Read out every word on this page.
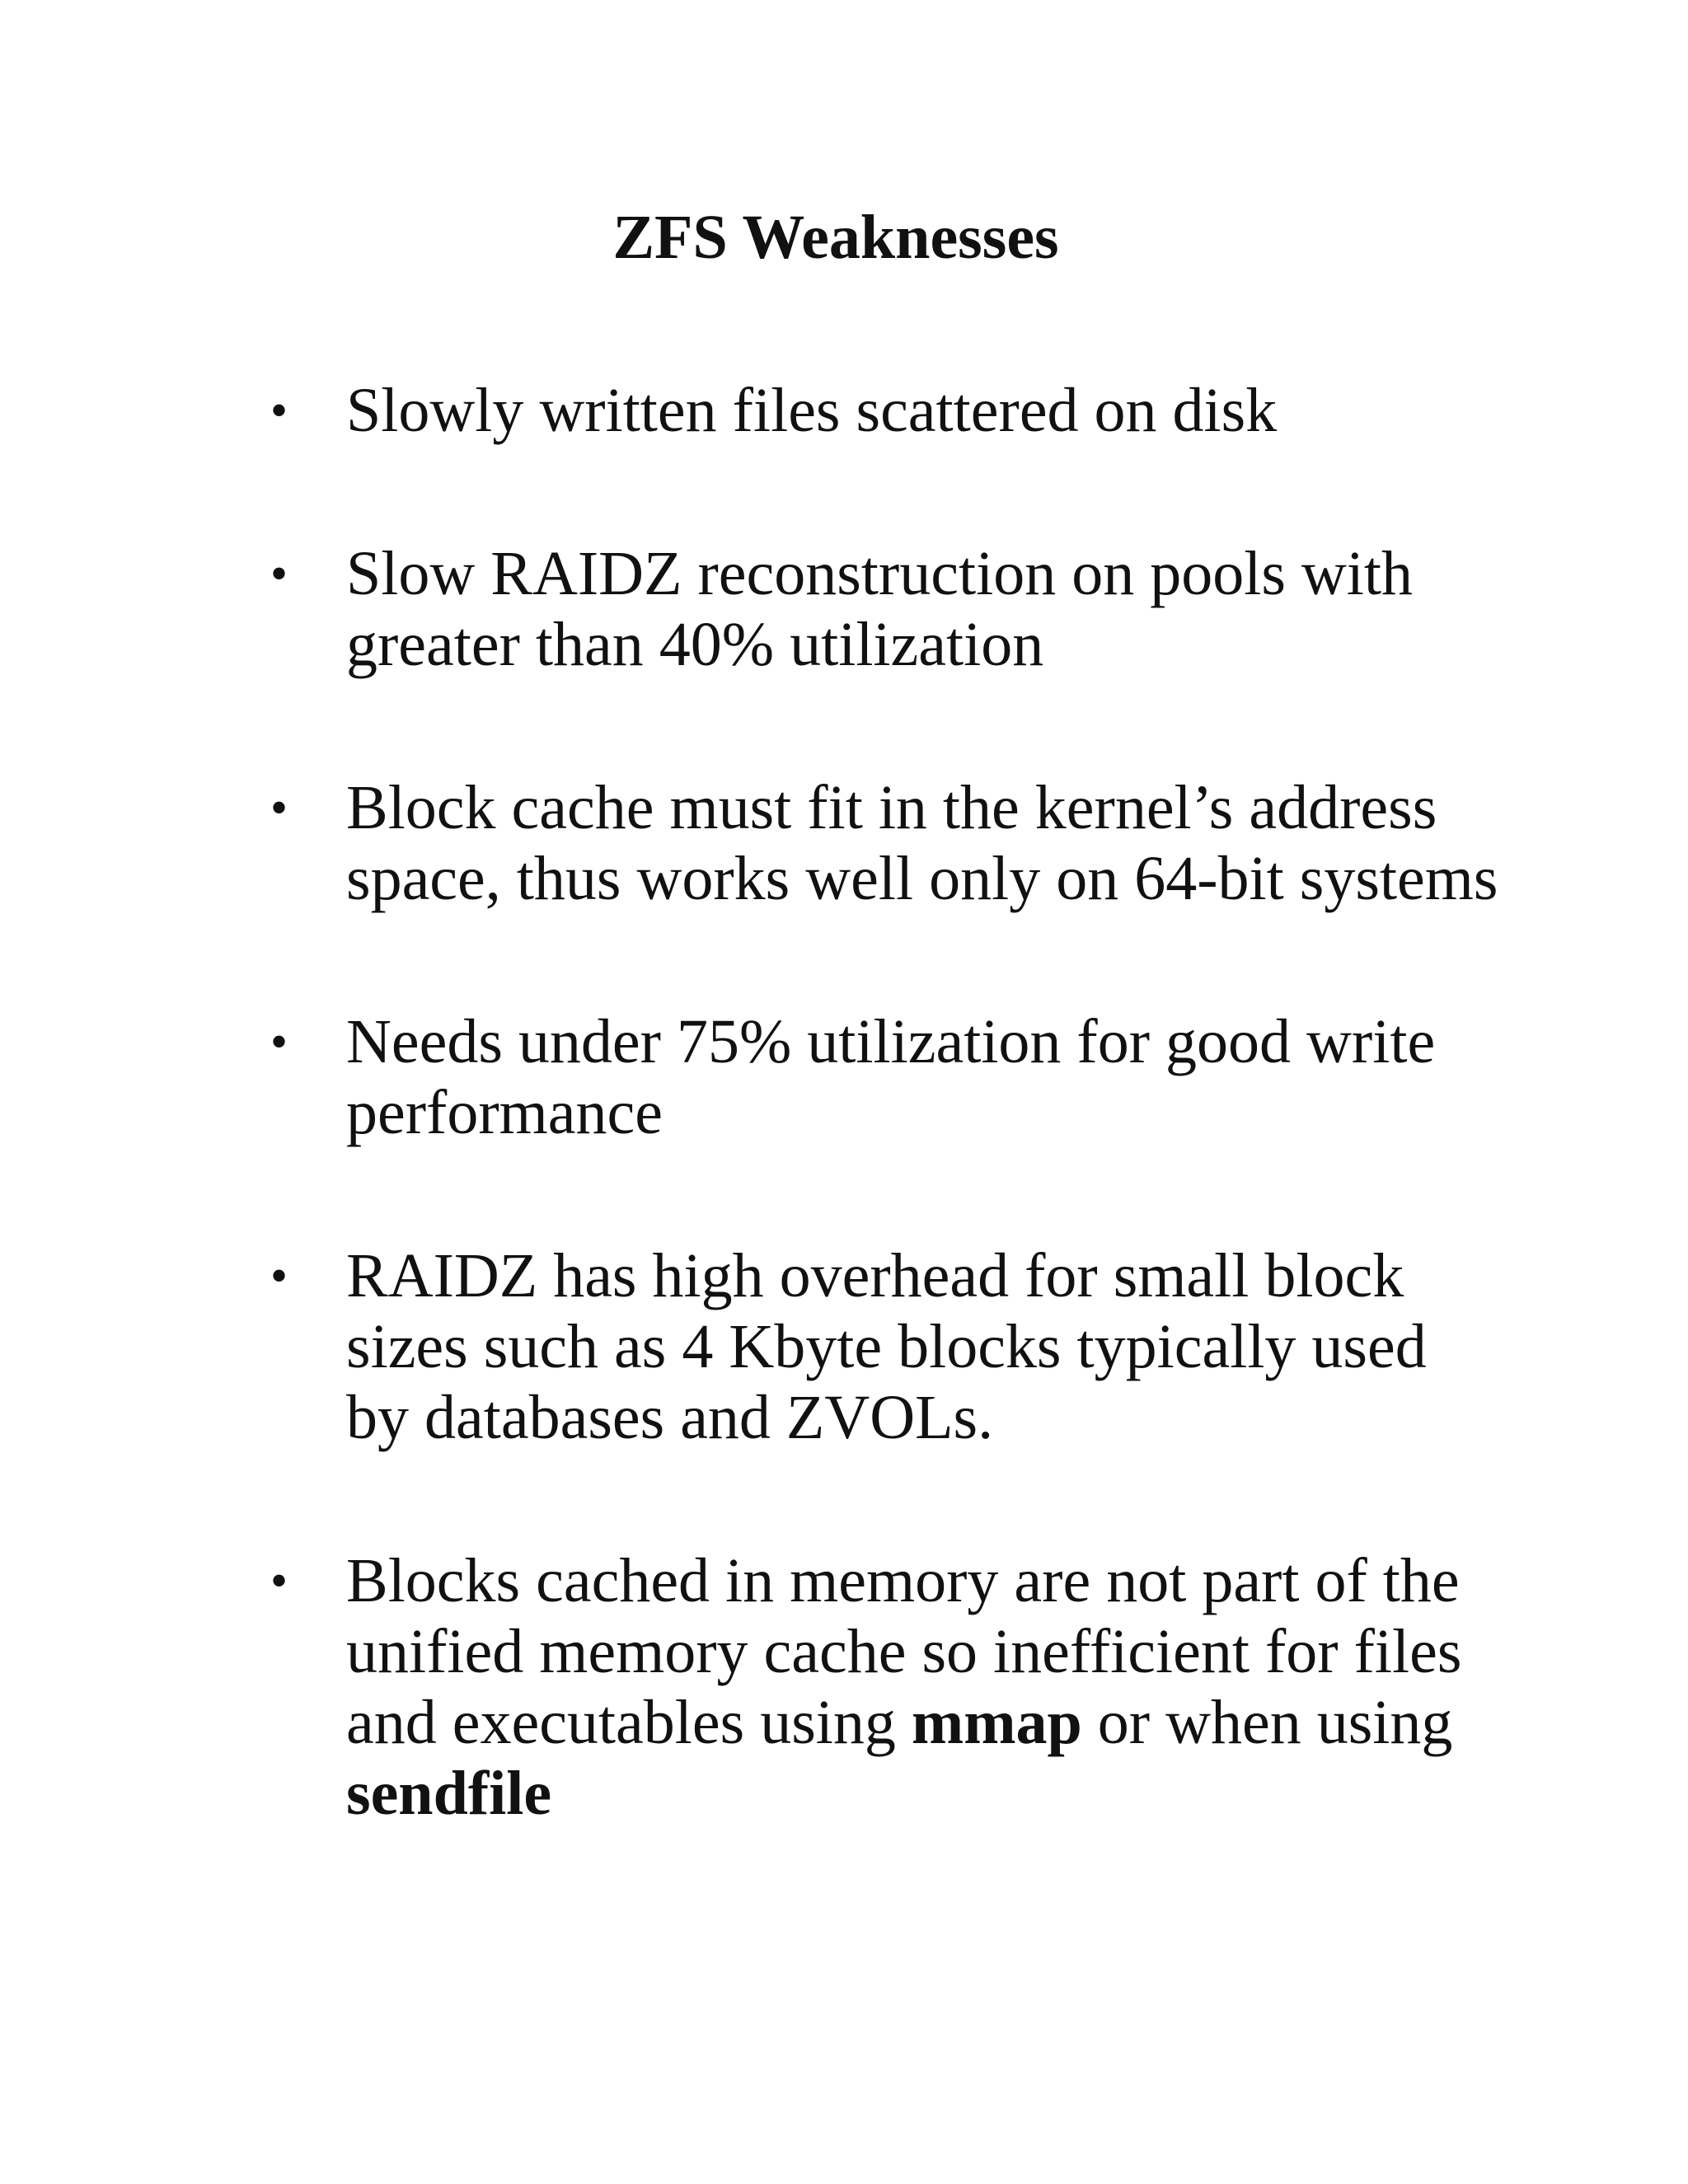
ZFS Weaknesses
• Slowly written files scattered on disk
• Slow RAIDZ reconstruction on pools with greater than 40% utilization
• Block cache must fit in the kernel’s address space, thus works well only on 64-bit systems
• Needs under 75% utilization for good write performance
• RAIDZ has high overhead for small block sizes such as 4 Kbyte blocks typically used by databases and ZVOLs.
• Blocks cached in memory are not part of the unified memory cache so inefficient for files and executables using mmap or when using sendfile
